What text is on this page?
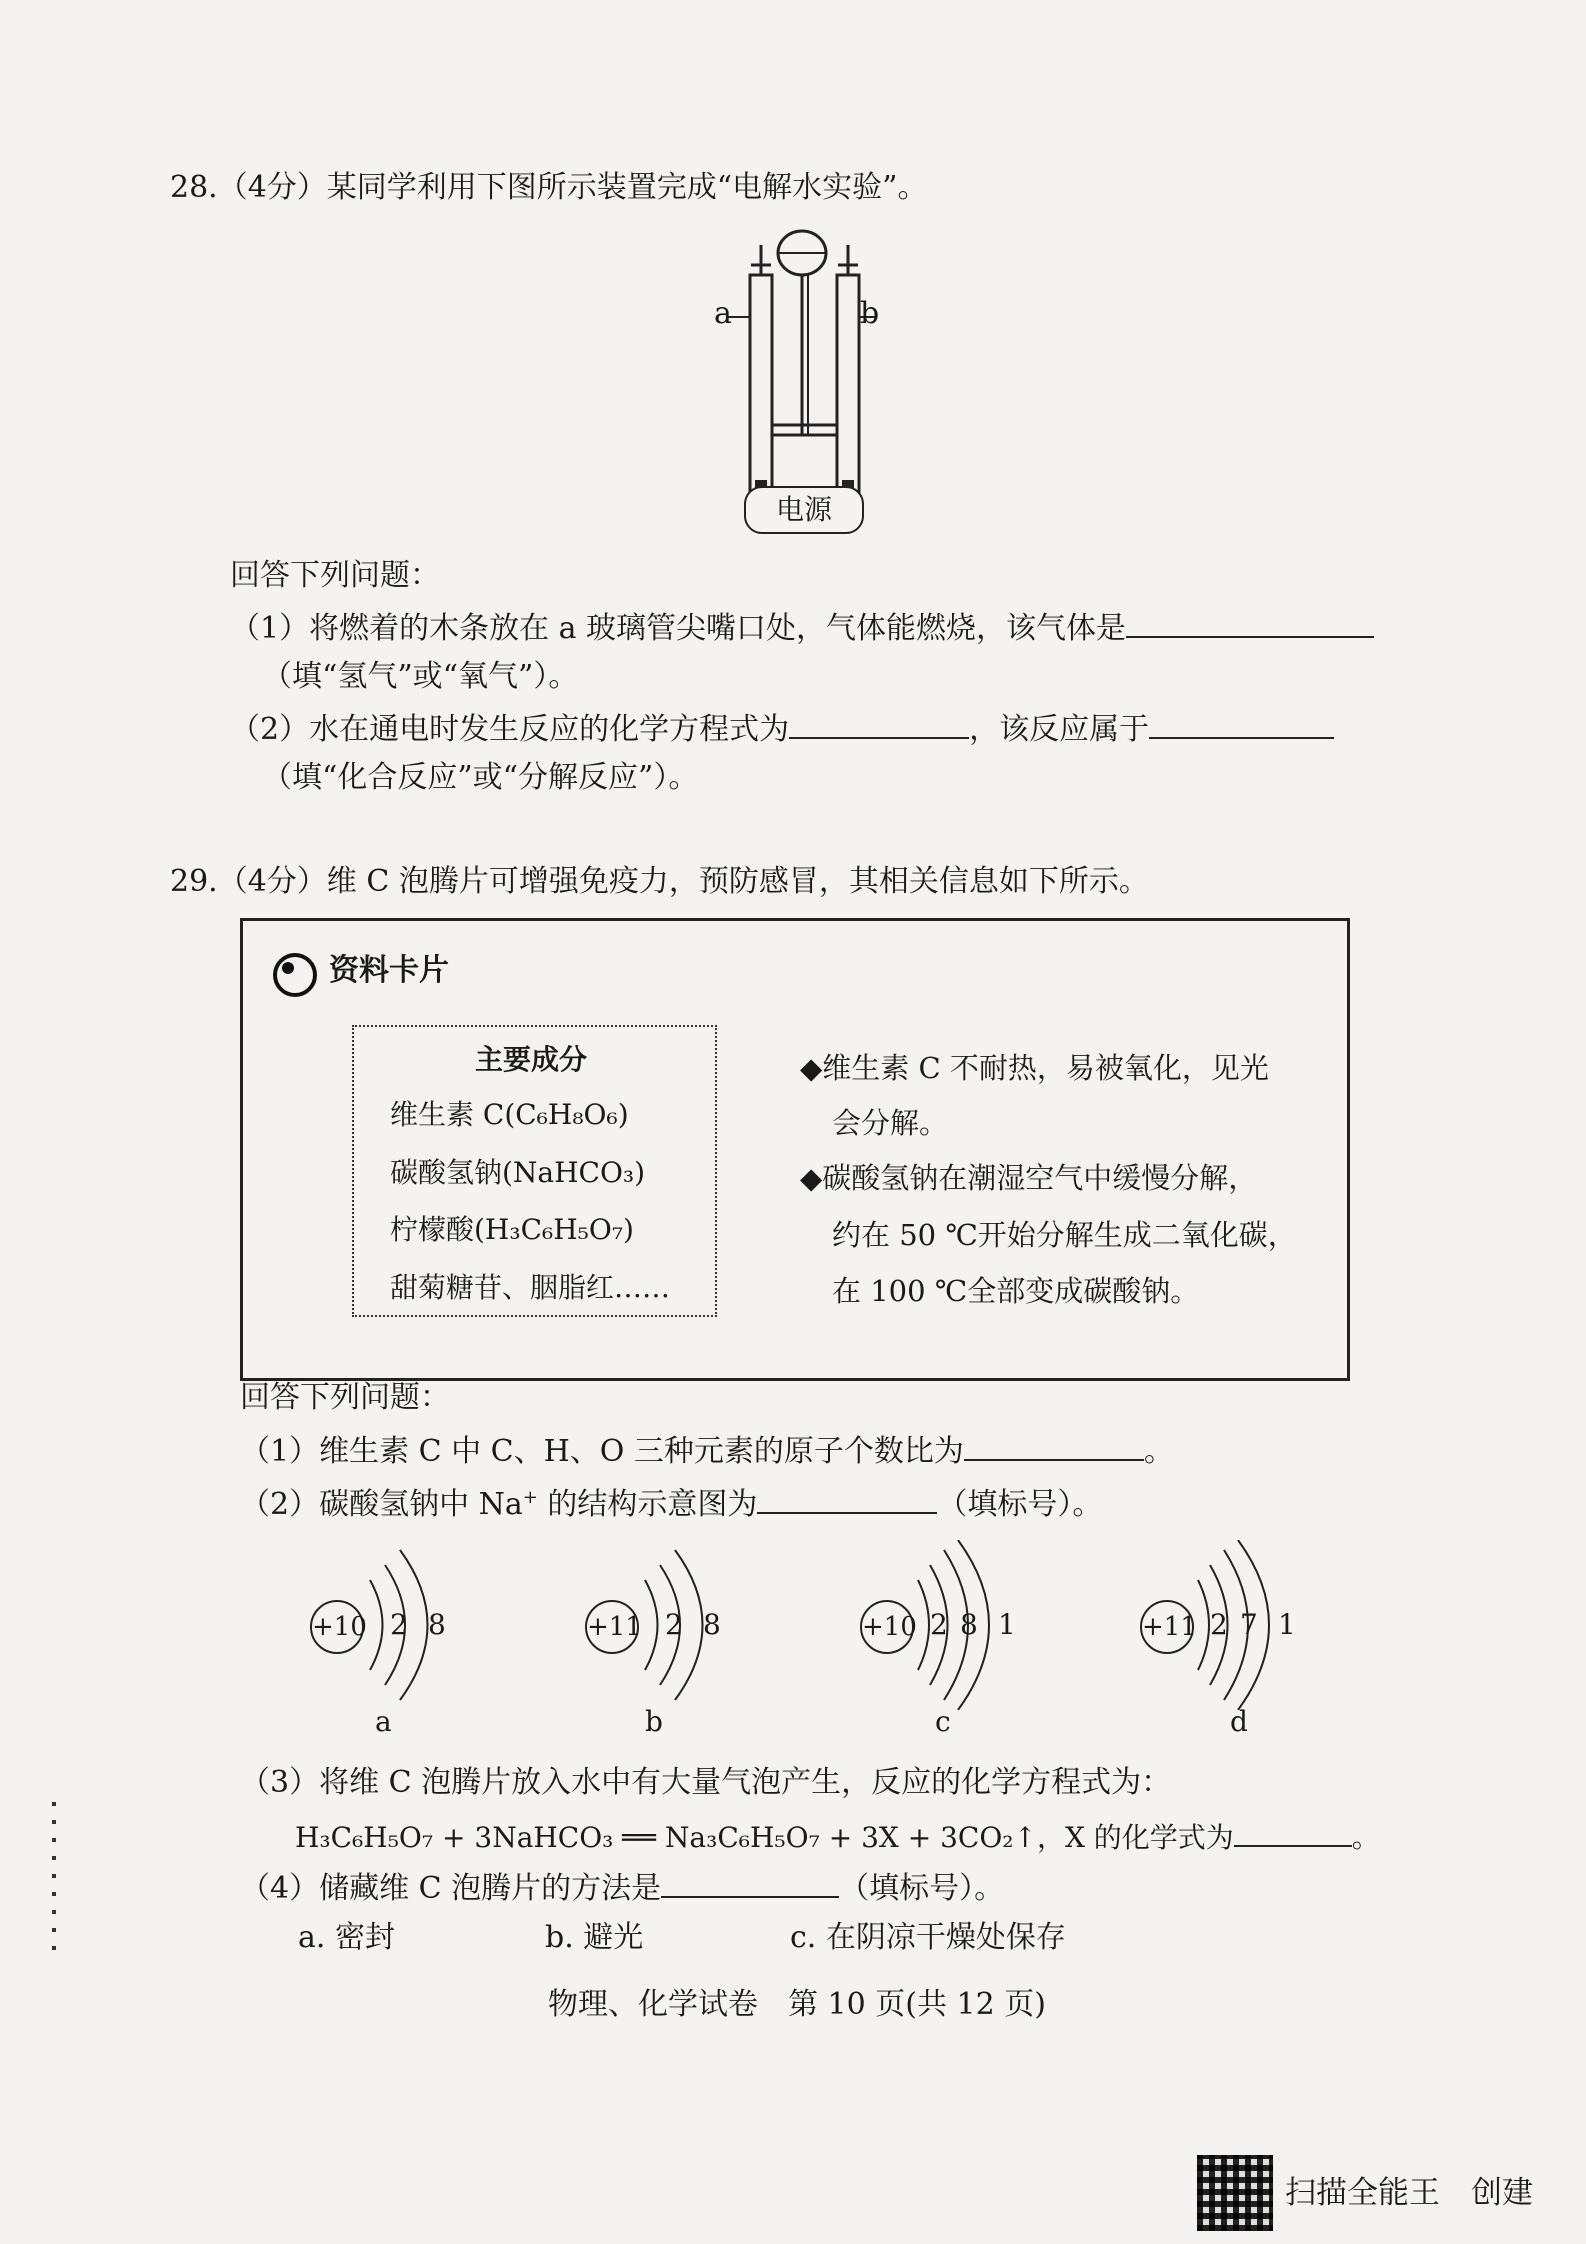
28.（4分）某同学利用下图所示装置完成“电解水实验”。
a	b
电源
回答下列问题：
（1）将燃着的木条放在 a 玻璃管尖嘴口处，气体能燃烧，该气体是
（填“氢气”或“氧气”）。
（2）水在通电时发生反应的化学方程式为	，该反应属于
（填“化合反应”或“分解反应”）。
29.（4分）维 C 泡腾片可增强免疫力，预防感冒，其相关信息如下所示。
资料卡片
主要成分
维生素 C(C₆H₈O₆)
碳酸氢钠(NaHCO₃)
柠檬酸(H₃C₆H₅O₇)
甜菊糖苷、胭脂红……
◆维生素 C 不耐热，易被氧化，见光
会分解。
◆碳酸氢钠在潮湿空气中缓慢分解，
约在 50 ℃开始分解生成二氧化碳，
在 100 ℃全部变成碳酸钠。
回答下列问题：
（1）维生素 C 中 C、H、O 三种元素的原子个数比为	。
（2）碳酸氢钠中 Na+ 的结构示意图为	（填标号）。
+10 2 8
a
+11 2 8
b
+10 2 8 1
c
+11 2 7 1
d
（3）将维 C 泡腾片放入水中有大量气泡产生，反应的化学方程式为：
H₃C₆H₅O₇ + 3NaHCO₃ ══ Na₃C₆H₅O₇ + 3X + 3CO₂↑，X 的化学式为	。
（4）储藏维 C 泡腾片的方法是	（填标号）。
a. 密封	b. 避光	c. 在阴凉干燥处保存
物理、化学试卷　第 10 页(共 12 页)
扫描全能王　创建
